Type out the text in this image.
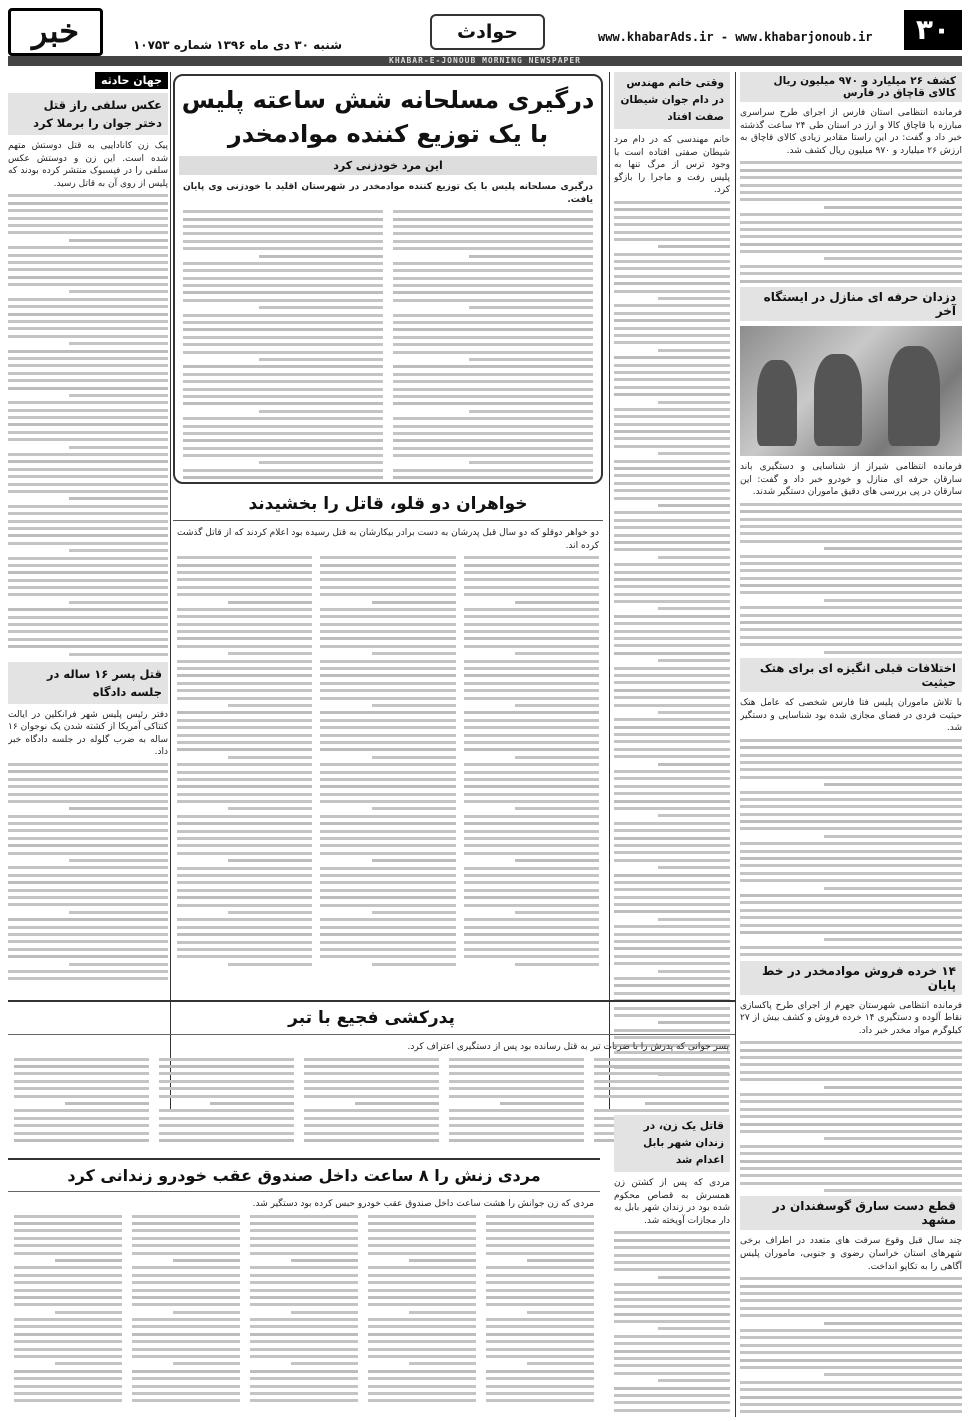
۳۰
www.khabarAds.ir - www.khabarjonoub.ir
حوادث
شنبه ۳۰ دی ماه ۱۳۹۶ شماره ۱۰۷۵۳
خبر
KHABAR-E-JONOUB MORNING NEWSPAPER
کشف ۲۶ میلیارد و ۹۷۰ میلیون ریال کالای قاچاق در فارس
فرمانده انتظامی استان فارس از اجرای طرح سراسری مبارزه با قاچاق کالا و ارز در استان طی ۲۴ ساعت گذشته خبر داد و گفت: در این راستا مقادیر زیادی کالای قاچاق به ارزش ۲۶ میلیارد و ۹۷۰ میلیون ریال کشف شد.
دزدان حرفه ای منازل در ایستگاه آخر
فرمانده انتظامی شیراز از شناسایی و دستگیری باند سارقان حرفه ای منازل و خودرو خبر داد و گفت: این سارقان در پی بررسی های دقیق ماموران دستگیر شدند.
اختلافات قبلی انگیزه ای برای هتک حیثیت
با تلاش ماموران پلیس فتا فارس شخصی که عامل هتک حیثیت فردی در فضای مجازی شده بود شناسایی و دستگیر شد.
۱۴ خرده فروش موادمخدر در خط پایان
فرمانده انتظامی شهرستان جهرم از اجرای طرح پاکسازی نقاط آلوده و دستگیری ۱۴ خرده فروش و کشف بیش از ۲۷ کیلوگرم مواد مخدر خبر داد.
قطع دست سارق گوسفندان در مشهد
چند سال قبل وقوع سرقت های متعدد در اطراف برخی شهرهای استان خراسان رضوی و جنوبی، ماموران پلیس آگاهی را به تکاپو انداخت.
وقتی خانم مهندس در دام جوان شیطان صفت افتاد
خانم مهندسی که در دام مرد شیطان صفتی افتاده است با وجود ترس از مرگ تنها به پلیس رفت و ماجرا را بازگو کرد.
درگیری مسلحانه شش ساعته پلیس
با یک توزیع کننده موادمخدر
این مرد خودزنی کرد
درگیری مسلحانه پلیس با یک توزیع کننده موادمخدر در شهرستان اقلید با خودزنی وی پایان یافت.
خواهران دو قلو، قاتل را بخشیدند
دو خواهر دوقلو که دو سال قبل پدرشان به دست برادر بیکارشان به قتل رسیده بود اعلام کردند که از قاتل گذشت کرده اند.
جهان حادثه
عکس سلفی راز قتل دختر جوان را برملا کرد
پیک زن کاناداییی به قتل دوستش متهم شده است. این زن و دوستش عکس سلفی را در فیسبوک منتشر کرده بودند که پلیس از روی آن به قاتل رسید.
قتل پسر ۱۶ ساله در جلسه دادگاه
دفتر رئیس پلیس شهر فرانکلین در ایالت کنتاکی آمریکا از کشته شدن یک نوجوان ۱۶ ساله به ضرب گلوله در جلسه دادگاه خبر داد.
پدرکشی فجیع با تبر
پسر جوانی که پدرش را با ضربات تبر به قتل رسانده بود پس از دستگیری اعتراف کرد.
قاتل یک زن، در زندان شهر بابل اعدام شد
مردی که پس از کشتن زن همسرش به قصاص محکوم شده بود در زندان شهر بابل به دار مجازات آویخته شد.
مردی زنش را ۸ ساعت داخل صندوق عقب خودرو زندانی کرد
مردی که زن جوانش را هشت ساعت داخل صندوق عقب خودرو حبس کرده بود دستگیر شد.
